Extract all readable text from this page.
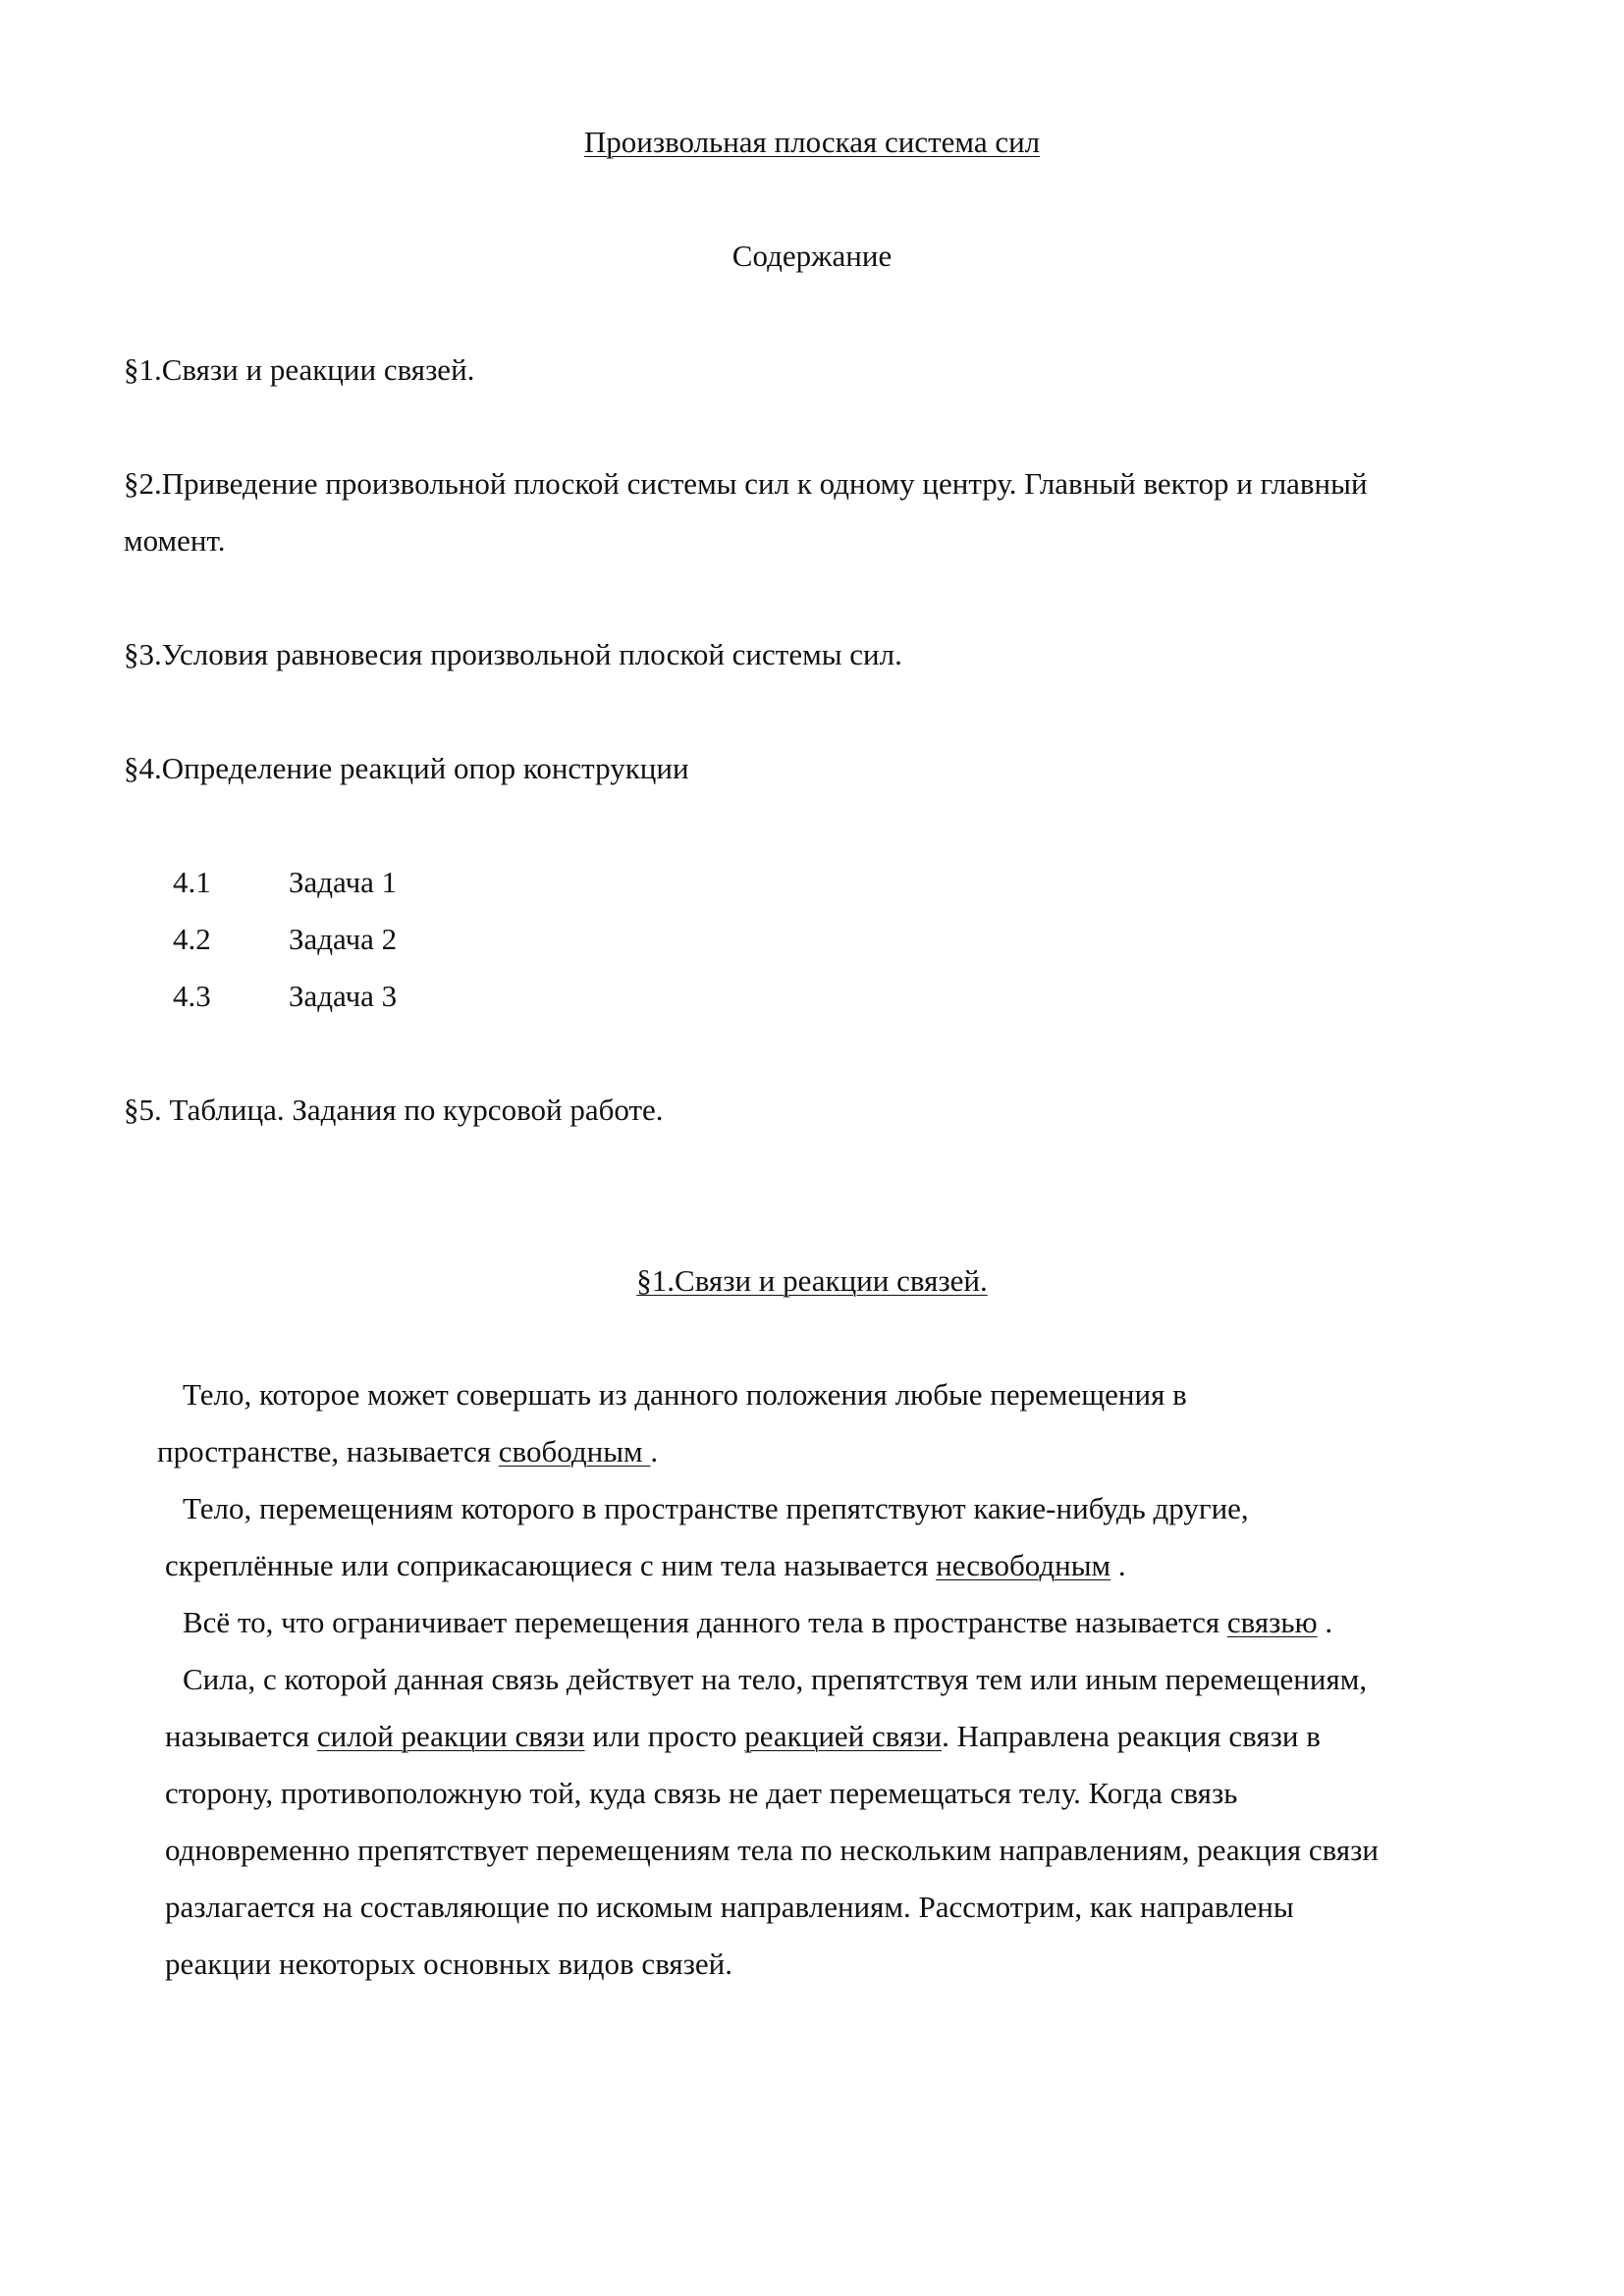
Произвольная плоская система сил
Содержание
§1.Связи и реакции связей.
§2.Приведение произвольной плоской системы сил к одному центру. Главный вектор и главный
момент.
§3.Условия равновесия произвольной плоской системы сил.
§4.Определение реакций опор конструкции
4.1	Задача 1
4.2	Задача 2
4.3	Задача 3
§5. Таблица. Задания по курсовой работе.
§1.Связи и реакции связей.
Тело, которое может совершать из данного положения любые перемещения в
пространстве, называется свободным .
Тело, перемещениям которого в пространстве препятствуют какие-нибудь другие,
скреплённые или соприкасающиеся с ним тела называется несвободным .
Всё то, что ограничивает перемещения данного тела в пространстве называется связью .
Сила, с которой данная связь действует на тело, препятствуя тем или иным перемещениям,
называется силой реакции связи или просто реакцией связи. Направлена реакция связи в
сторону, противоположную той, куда связь не дает перемещаться телу. Когда связь
одновременно препятствует перемещениям тела по нескольким направлениям, реакция связи
разлагается на составляющие по искомым направлениям. Рассмотрим, как направлены
реакции некоторых основных видов связей.
